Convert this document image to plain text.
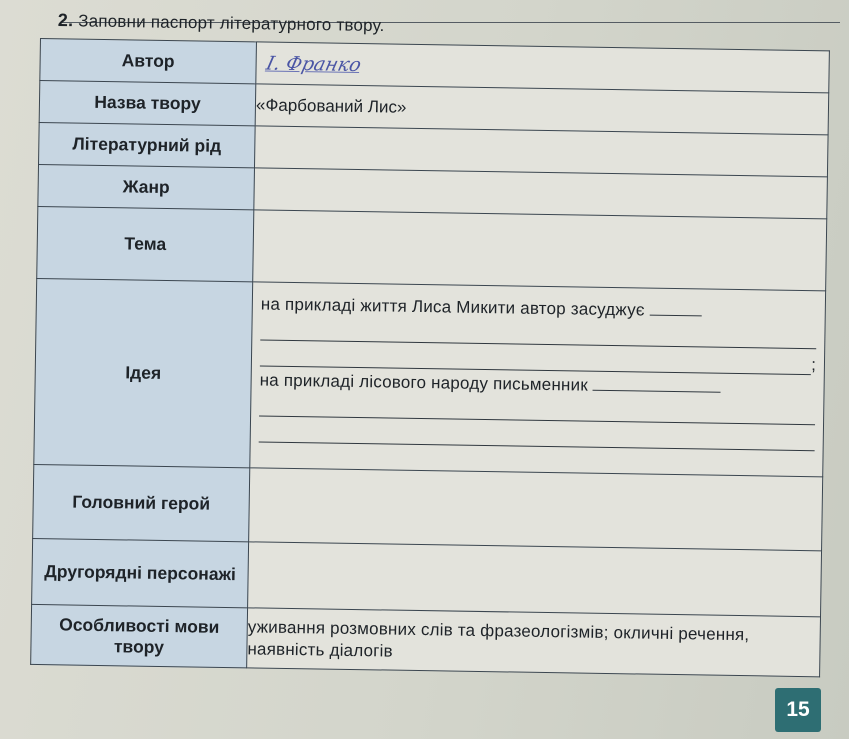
2. Заповни паспорт літературного твору.
Автор	І. Франко
Назва твору	«Фарбований Лис»
Літературний рід	
Жанр	
Тема	
Ідея	на прикладі життя Лиса Микити автор засуджує
;
на прикладі лісового народу письменник

Головний герой	
Другорядні персонажі	
Особливості мови твору	уживання розмовних слів та фразеологізмів; окличні речення, наявність діалогів
15
